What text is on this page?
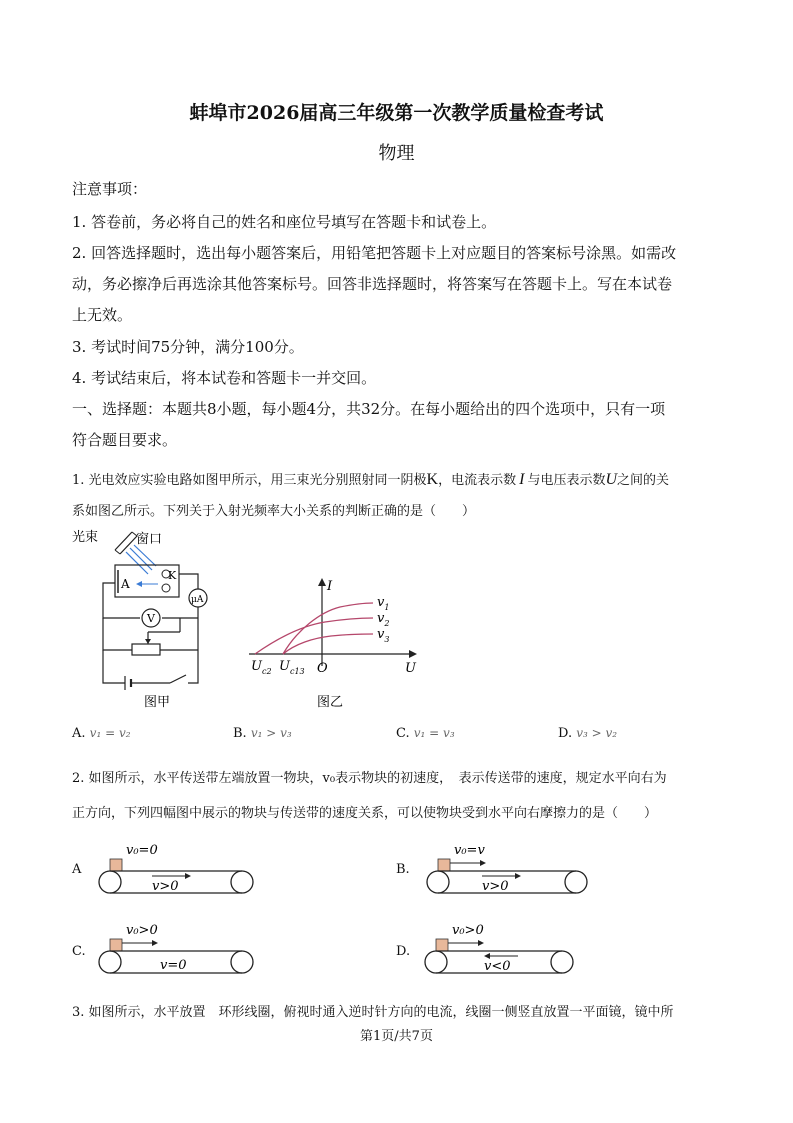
蚌埠市2026届高三年级第一次教学质量检查考试
物理
注意事项：
1. 答卷前，务必将自己的姓名和座位号填写在答题卡和试卷上。
2. 回答选择题时，选出每小题答案后，用铅笔把答题卡上对应题目的答案标号涂黑。如需改
动，务必擦净后再选涂其他答案标号。回答非选择题时，将答案写在答题卡上。写在本试卷
上无效。
3. 考试时间75分钟，满分100分。
4. 考试结束后，将本试卷和答题卡一并交回。
一、选择题：本题共8小题，每小题4分，共32分。在每小题给出的四个选项中，只有一项
符合题目要求。
1. 光电效应实验电路如图甲所示，用三束光分别照射同一阴极K，电流表示数 I 与电压表示数U之间的关
系如图乙所示。下列关于入射光频率大小关系的判断正确的是（　　）
光束	窗口
A
K
μA
V
图甲
I
U
O
$v_1$
$v_2$
$v_3$
$U_{c2}$ $U_{c13}$
图乙
A. v₁ = v₂	B. v₁ > v₃	C. v₁ = v₃	D. v₃ > v₂
2. 如图所示，水平传送带左端放置一物块，v₀表示物块的初速度，　表示传送带的速度，规定水平向右为
正方向，下列四幅图中展示的物块与传送带的速度关系，可以使物块受到水平向右摩擦力的是（　　）
A
v₀=0
v>0
B.
v₀=v
v>0
C.
v₀>0
v=0
D.
v₀>0
v<0
3. 如图所示，水平放置　环形线圈，俯视时通入逆时针方向的电流，线圈一侧竖直放置一平面镜，镜中所
第1页/共7页
